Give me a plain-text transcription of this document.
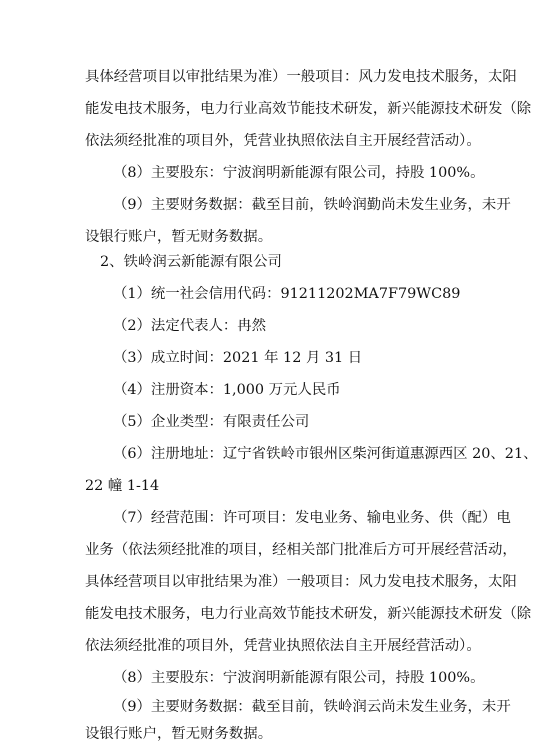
具体经营项目以审批结果为准）一般项目：风力发电技术服务，太阳
能发电技术服务，电力行业高效节能技术研发，新兴能源技术研发（除
依法须经批准的项目外，凭营业执照依法自主开展经营活动）。
（8）主要股东：宁波润明新能源有限公司，持股 100%。
（9）主要财务数据：截至目前，铁岭润勤尚未发生业务，未开
设银行账户，暂无财务数据。
2、铁岭润云新能源有限公司
（1）统一社会信用代码：91211202MA7F79WC89
（2）法定代表人：冉然
（3）成立时间：2021 年 12 月 31 日
（4）注册资本：1,000 万元人民币
（5）企业类型：有限责任公司
（6）注册地址：辽宁省铁岭市银州区柴河街道惠源西区 20、21、
22 幢 1-14
（7）经营范围：许可项目：发电业务、输电业务、供（配）电
业务（依法须经批准的项目，经相关部门批准后方可开展经营活动，
具体经营项目以审批结果为准）一般项目：风力发电技术服务，太阳
能发电技术服务，电力行业高效节能技术研发，新兴能源技术研发（除
依法须经批准的项目外，凭营业执照依法自主开展经营活动）。
（8）主要股东：宁波润明新能源有限公司，持股 100%。
（9）主要财务数据：截至目前，铁岭润云尚未发生业务，未开
设银行账户，暂无财务数据。
